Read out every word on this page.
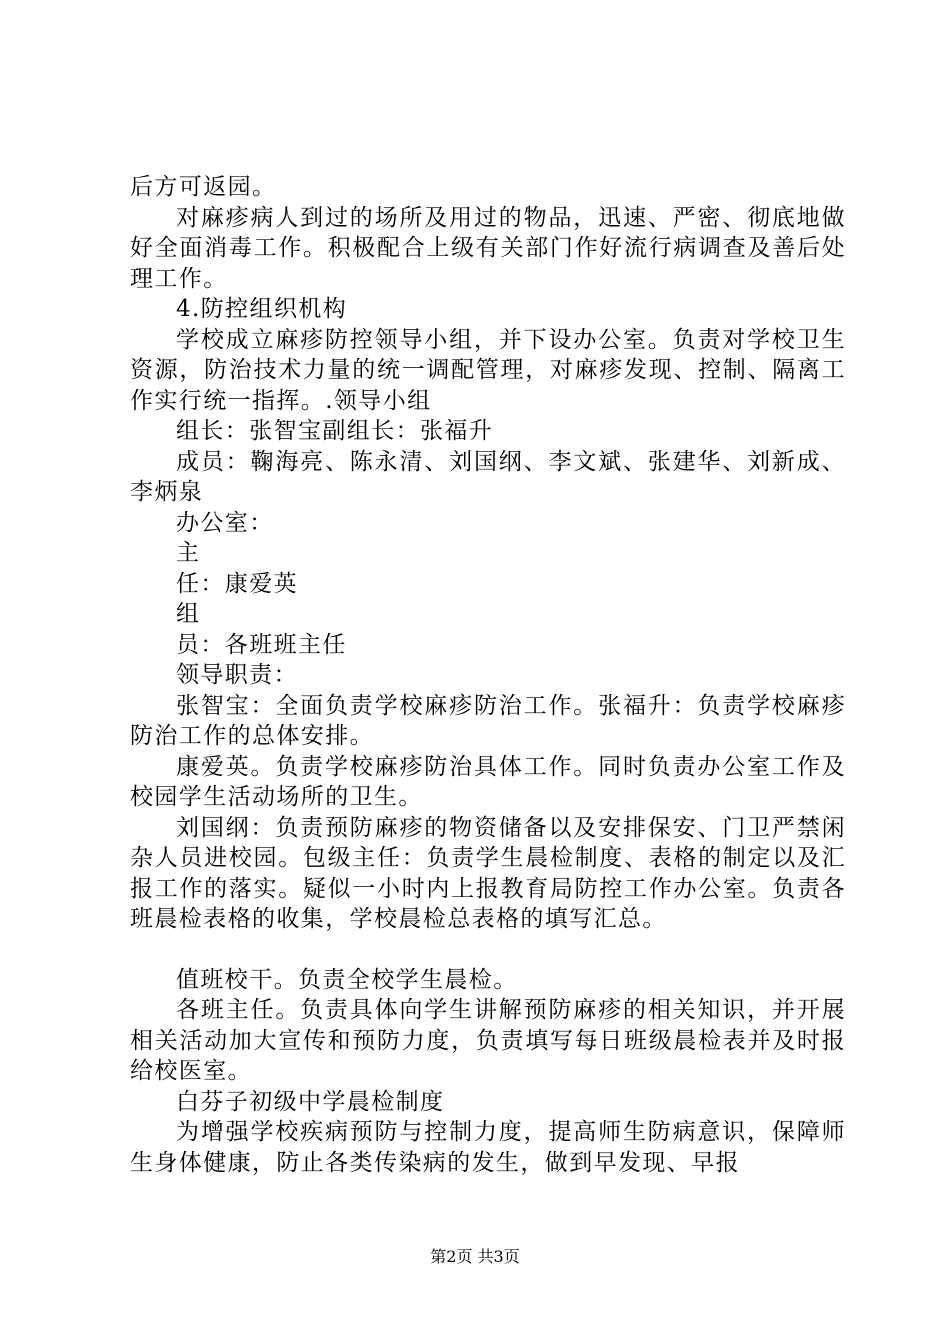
后方可返园。

对麻疹病人到过的场所及用过的物品，迅速、严密、彻底地做好全面消毒工作。积极配合上级有关部门作好流行病调查及善后处理工作。

4.防控组织机构

学校成立麻疹防控领导小组，并下设办公室。负责对学校卫生资源，防治技术力量的统一调配管理，对麻疹发现、控制、隔离工作实行统一指挥。.领导小组

组长：张智宝副组长：张福升

成员：鞠海亮、陈永清、刘国纲、李文斌、张建华、刘新成、李炳泉

办公室：

主

任：康爱英

组

员：各班班主任

领导职责：

张智宝：全面负责学校麻疹防治工作。张福升：负责学校麻疹防治工作的总体安排。

康爱英。负责学校麻疹防治具体工作。同时负责办公室工作及校园学生活动场所的卫生。

刘国纲：负责预防麻疹的物资储备以及安排保安、门卫严禁闲杂人员进校园。包级主任：负责学生晨检制度、表格的制定以及汇报工作的落实。疑似一小时内上报教育局防控工作办公室。负责各班晨检表格的收集，学校晨检总表格的填写汇总。

值班校干。负责全校学生晨检。

各班主任。负责具体向学生讲解预防麻疹的相关知识，并开展相关活动加大宣传和预防力度，负责填写每日班级晨检表并及时报给校医室。

白芬子初级中学晨检制度

为增强学校疾病预防与控制力度，提高师生防病意识，保障师生身体健康，防止各类传染病的发生，做到早发现、早报

第2页 共3页
